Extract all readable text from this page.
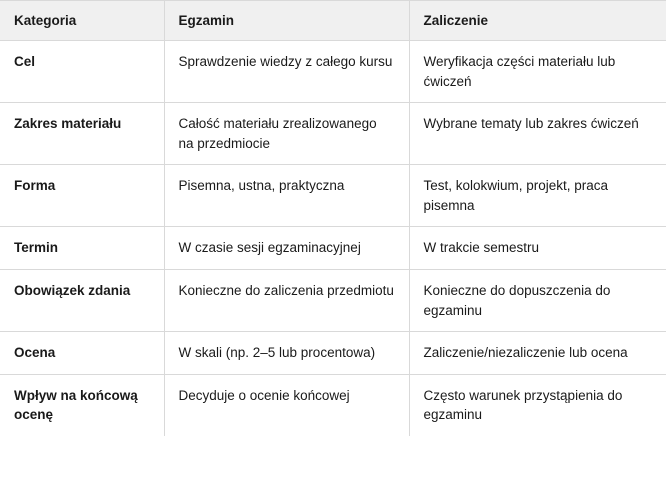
Kategoria	Egzamin	Zaliczenie
Cel	Sprawdzenie wiedzy z całego kursu	Weryfikacja części materiału lub ćwiczeń
Zakres materiału	Całość materiału zrealizowanego na przedmiocie	Wybrane tematy lub zakres ćwiczeń
Forma	Pisemna, ustna, praktyczna	Test, kolokwium, projekt, praca pisemna
Termin	W czasie sesji egzaminacyjnej	W trakcie semestru
Obowiązek zdania	Konieczne do zaliczenia przedmiotu	Konieczne do dopuszczenia do egzaminu
Ocena	W skali (np. 2–5 lub procentowa)	Zaliczenie/niezaliczenie lub ocena
Wpływ na końcową ocenę	Decyduje o ocenie końcowej	Często warunek przystąpienia do egzaminu
